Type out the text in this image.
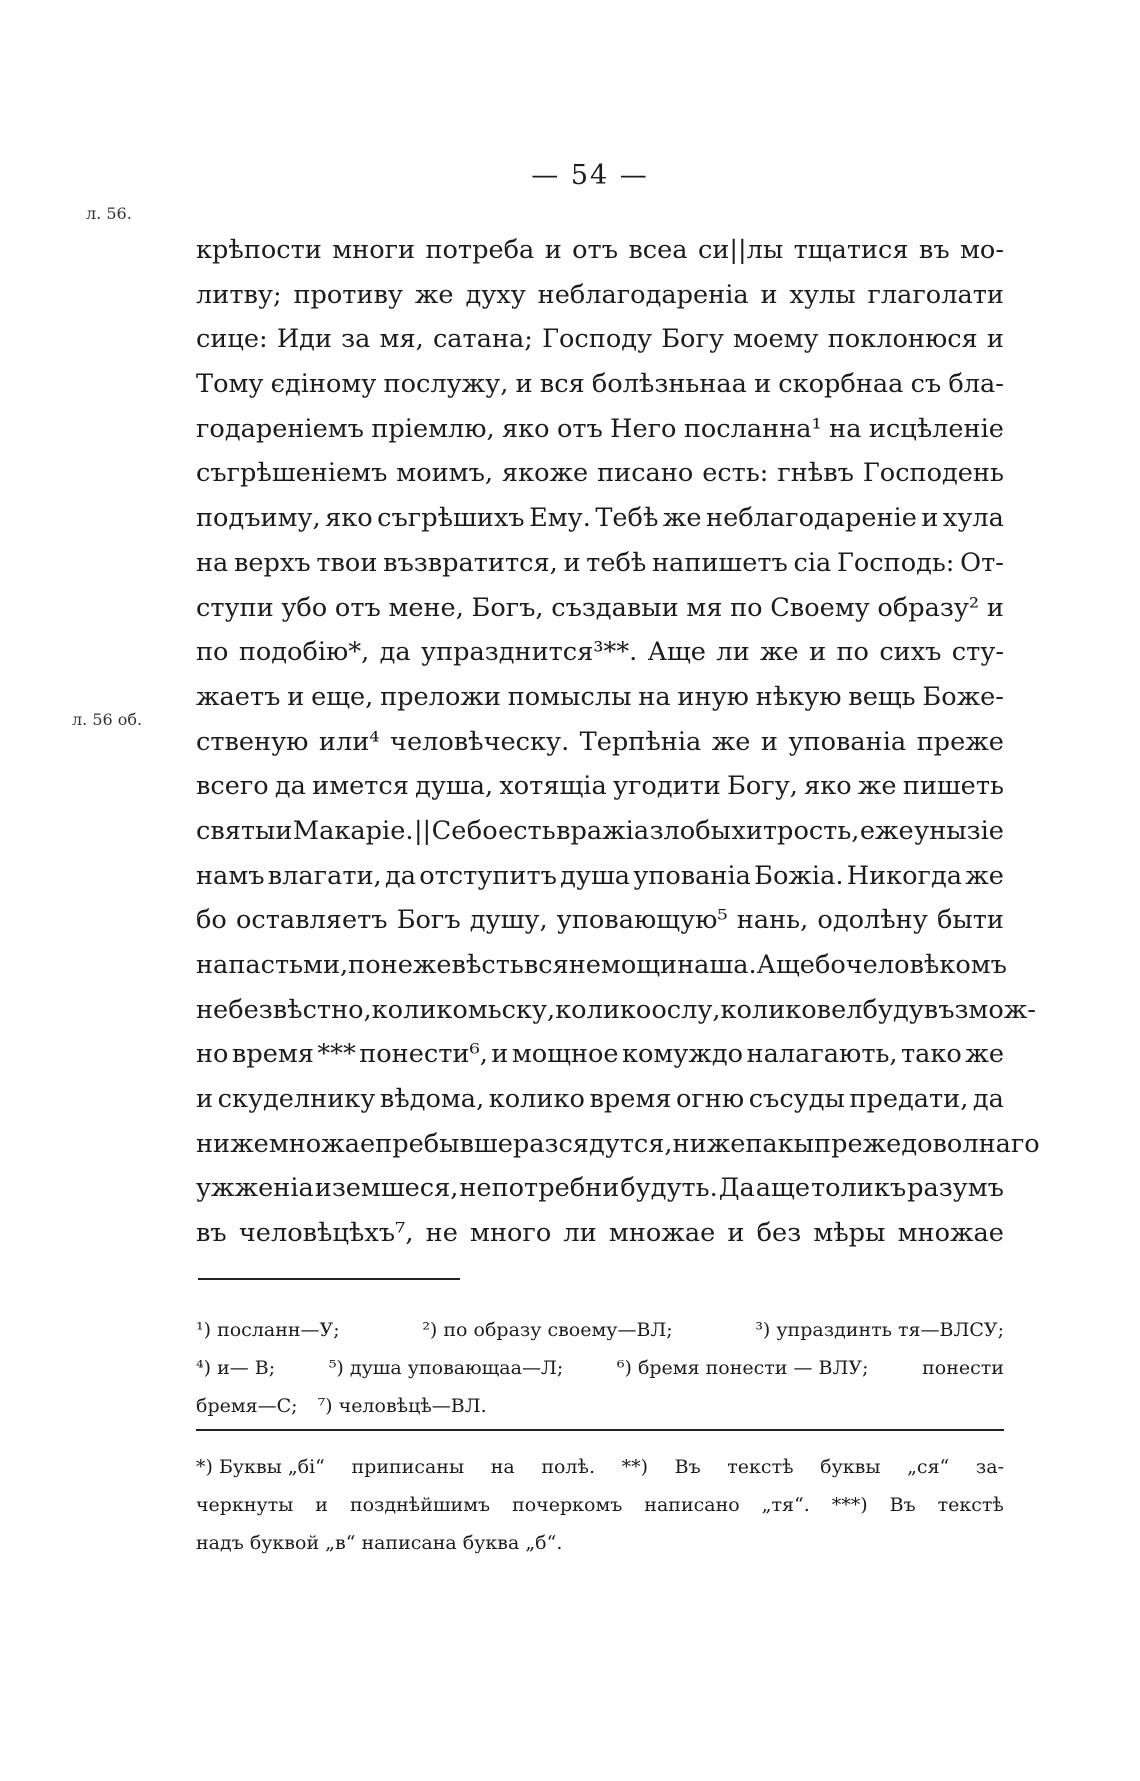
— 54 —
л. 56.
л. 56 об.
крѣпости многи потреба и отъ всеа си||лы тщатися въ мо-
литву; противу же духу неблагодареніа и хулы глаголати
сице: Иди за мя, сатана; Господу Богу моему поклонюся и
Тому єдіному послужу, и вся болѣзньнаа и скорбнаа съ бла-
годареніемъ пріемлю, яко отъ Него посланна¹ на исцѣленіе
съгрѣшеніемъ моимъ, якоже писано есть: гнѣвъ Господень
подъиму, яко съгрѣшихъ Ему. Тебѣ же неблагодареніе и хула
на верхъ твои възвратится, и тебѣ напишетъ сіа Господь: От-
ступи убо отъ мене, Богъ, създавыи мя по Своему образу² и
по подобію*, да упразднится³**. Аще ли же и по сихъ сту-
жаетъ и еще, преложи помыслы на иную нѣкую вещь Боже-
ственую или⁴ человѣческу. Терпѣніа же и упованіа преже
всего да имется душа, хотящіа угодити Богу, яко же пишеть
святыи Макаріе. || Се бо есть вражіа злобы хитрость, еже унызіе
намъ влагати, да отступитъ душа упованіа Божіа. Никогда же
бо оставляетъ Богъ душу, уповающую⁵ нань, одолѣну быти
напастьми, понеже вѣсть вся немощи наша. Аще бо человѣкомъ
не безвѣстно, колико мьску, колико ослу, колико велбуду възмож-
но время *** понести⁶, и мощное комуждо налагають, тако же
и скуделнику вѣдома, колико время огню съсуды предати, да
ниже множае пребывше разсядутся, ниже пакы преже доволнаго
ужженіа иземшеся, непотребни будуть. Да аще толикъ разумъ
въ человѣцѣхъ⁷, не много ли множае и без мѣры множае
¹) посланн—У;	²) по образу своему—ВЛ;	³) упраздинть тя—ВЛСУ;
⁴) и— В;	⁵) душа уповающаа—Л;	⁶) бремя понести — ВЛУ;	понести
бремя—С; ⁷) человѣцѣ—ВЛ.
*) Буквы „бі“ приписаны на полѣ. **) Въ текстѣ буквы „ся“ за-
черкнуты и позднѣйшимъ почеркомъ написано „тя“. ***) Въ текстѣ
надъ буквой „в“ написана буква „б“.
